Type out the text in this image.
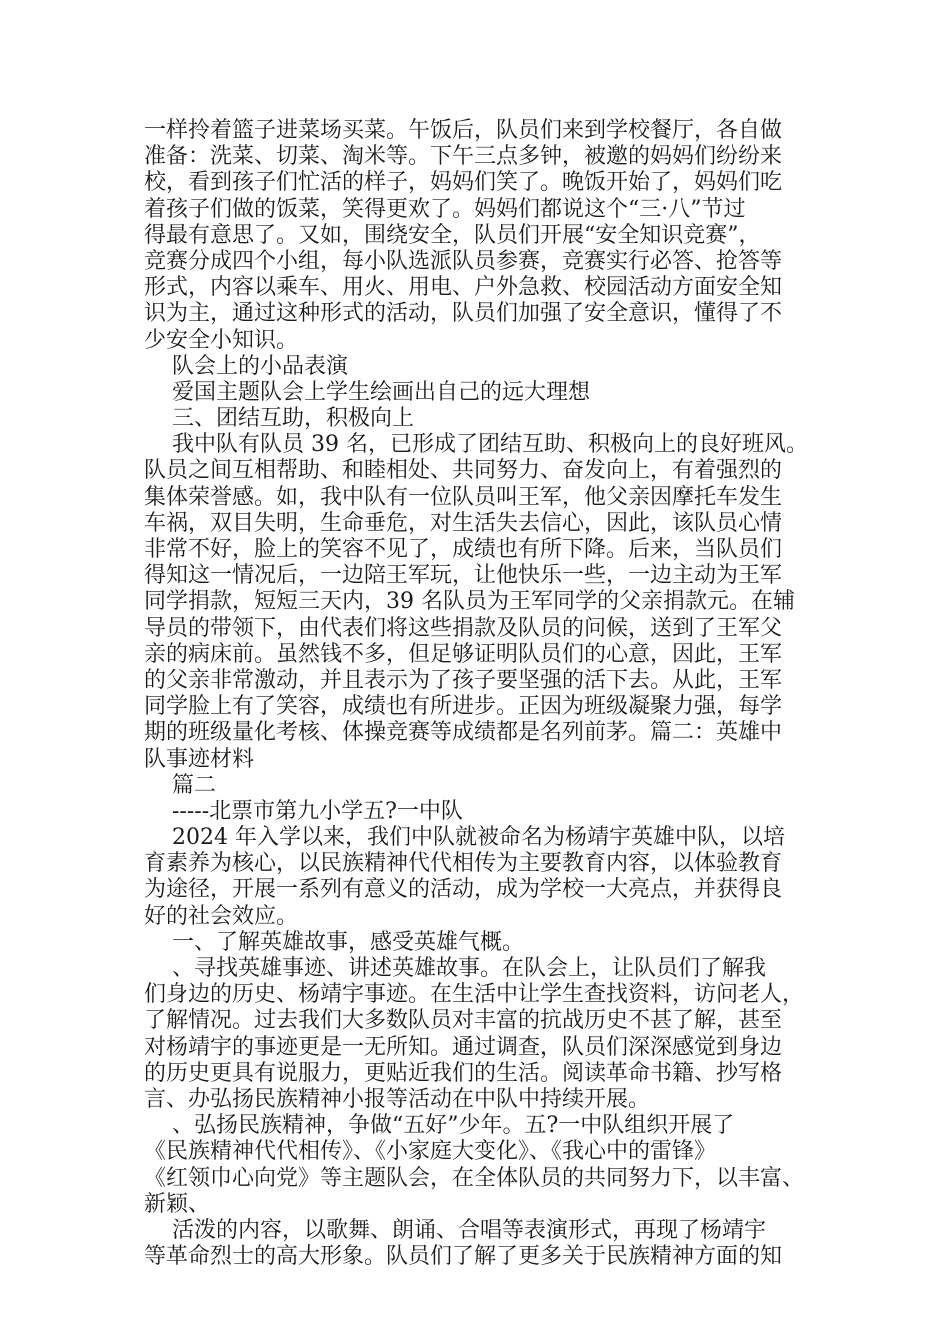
一样拎着篮子进菜场买菜。午饭后，队员们来到学校餐厅，各自做
准备：洗菜、切菜、淘米等。下午三点多钟，被邀的妈妈们纷纷来
校，看到孩子们忙活的样子，妈妈们笑了。晚饭开始了，妈妈们吃
着孩子们做的饭菜，笑得更欢了。妈妈们都说这个“三·八”节过
得最有意思了。又如，围绕安全，队员们开展“安全知识竞赛”，
竞赛分成四个小组，每小队选派队员参赛，竞赛实行必答、抢答等
形式，内容以乘车、用火、用电、户外急救、校园活动方面安全知
识为主，通过这种形式的活动，队员们加强了安全意识，懂得了不
少安全小知识。
队会上的小品表演
爱国主题队会上学生绘画出自己的远大理想
三、团结互助，积极向上
我中队有队员 39 名，已形成了团结互助、积极向上的良好班风。
队员之间互相帮助、和睦相处、共同努力、奋发向上，有着强烈的
集体荣誉感。如，我中队有一位队员叫王军，他父亲因摩托车发生
车祸，双目失明，生命垂危，对生活失去信心，因此，该队员心情
非常不好，脸上的笑容不见了，成绩也有所下降。后来，当队员们
得知这一情况后，一边陪王军玩，让他快乐一些，一边主动为王军
同学捐款，短短三天内，39 名队员为王军同学的父亲捐款元。在辅
导员的带领下，由代表们将这些捐款及队员的问候，送到了王军父
亲的病床前。虽然钱不多，但足够证明队员们的心意，因此，王军
的父亲非常激动，并且表示为了孩子要坚强的活下去。从此，王军
同学脸上有了笑容，成绩也有所进步。正因为班级凝聚力强，每学
期的班级量化考核、体操竞赛等成绩都是名列前茅。篇二：英雄中
队事迹材料
篇二
-----北票市第九小学五?一中队
2024 年入学以来，我们中队就被命名为杨靖宇英雄中队，以培
育素养为核心，以民族精神代代相传为主要教育内容，以体验教育
为途径，开展一系列有意义的活动，成为学校一大亮点，并获得良
好的社会效应。
一、了解英雄故事，感受英雄气概。
、寻找英雄事迹、讲述英雄故事。在队会上，让队员们了解我
们身边的历史、杨靖宇事迹。在生活中让学生查找资料，访问老人，
了解情况。过去我们大多数队员对丰富的抗战历史不甚了解，甚至
对杨靖宇的事迹更是一无所知。通过调查，队员们深深感觉到身边
的历史更具有说服力，更贴近我们的生活。阅读革命书籍、抄写格
言、办弘扬民族精神小报等活动在中队中持续开展。
、弘扬民族精神，争做“五好”少年。五?一中队组织开展了
《民族精神代代相传》、《小家庭大变化》、《我心中的雷锋》
《红领巾心向党》等主题队会，在全体队员的共同努力下，以丰富、
新颖、
活泼的内容，以歌舞、朗诵、合唱等表演形式，再现了杨靖宇
等革命烈士的高大形象。队员们了解了更多关于民族精神方面的知
